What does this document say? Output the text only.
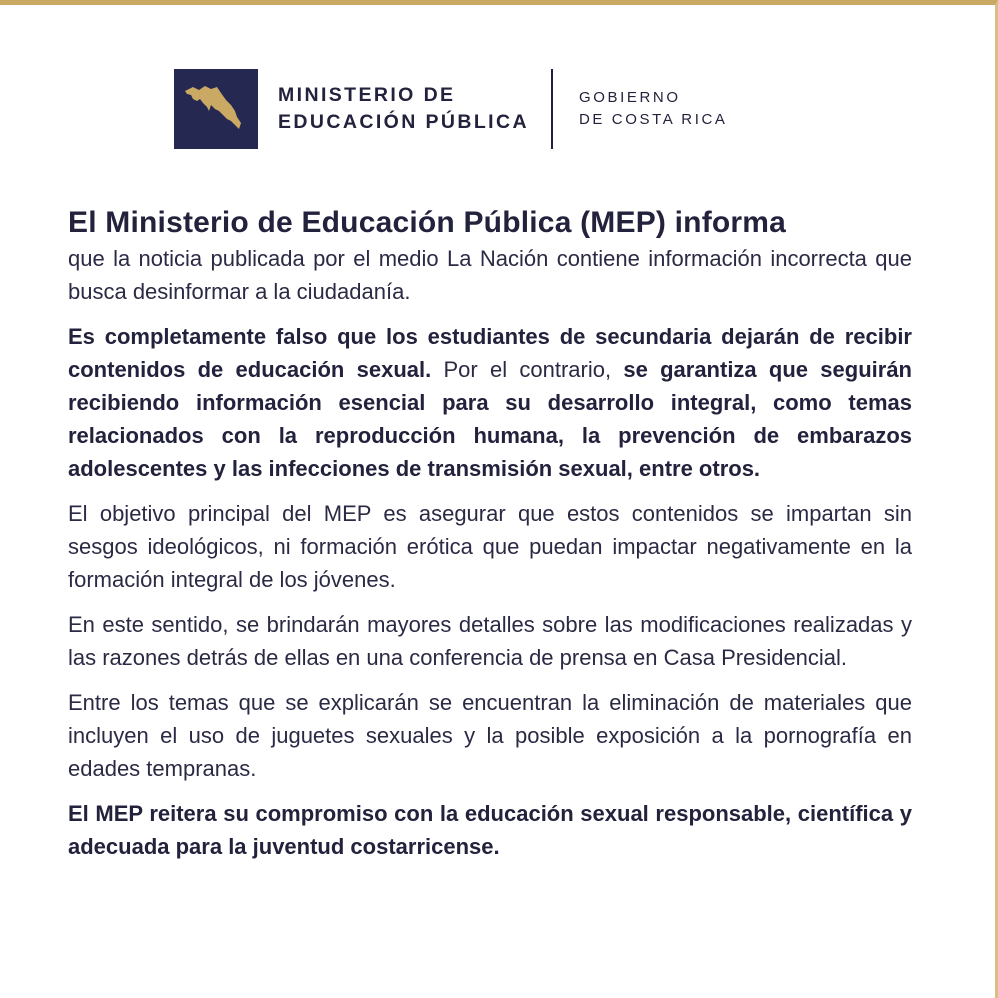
MINISTERIO DE
EDUCACIÓN PÚBLICA
GOBIERNO
DE COSTA RICA

El Ministerio de Educación Pública (MEP) informa
que la noticia publicada por el medio La Nación contiene información incorrecta que busca desinformar a la ciudadanía.

Es completamente falso que los estudiantes de secundaria dejarán de recibir contenidos de educación sexual. Por el contrario, se garantiza que seguirán recibiendo información esencial para su desarrollo integral, como temas relacionados con la reproducción humana, la prevención de embarazos adolescentes y las infecciones de transmisión sexual, entre otros.

El objetivo principal del MEP es asegurar que estos contenidos se impartan sin sesgos ideológicos, ni formación erótica que puedan impactar negativamente en la formación integral de los jóvenes.

En este sentido, se brindarán mayores detalles sobre las modificaciones realizadas y las razones detrás de ellas en una conferencia de prensa en Casa Presidencial.

Entre los temas que se explicarán se encuentran la eliminación de materiales que incluyen el uso de juguetes sexuales y la posible exposición a la pornografía en edades tempranas.

El MEP reitera su compromiso con la educación sexual responsable, científica y adecuada para la juventud costarricense.
